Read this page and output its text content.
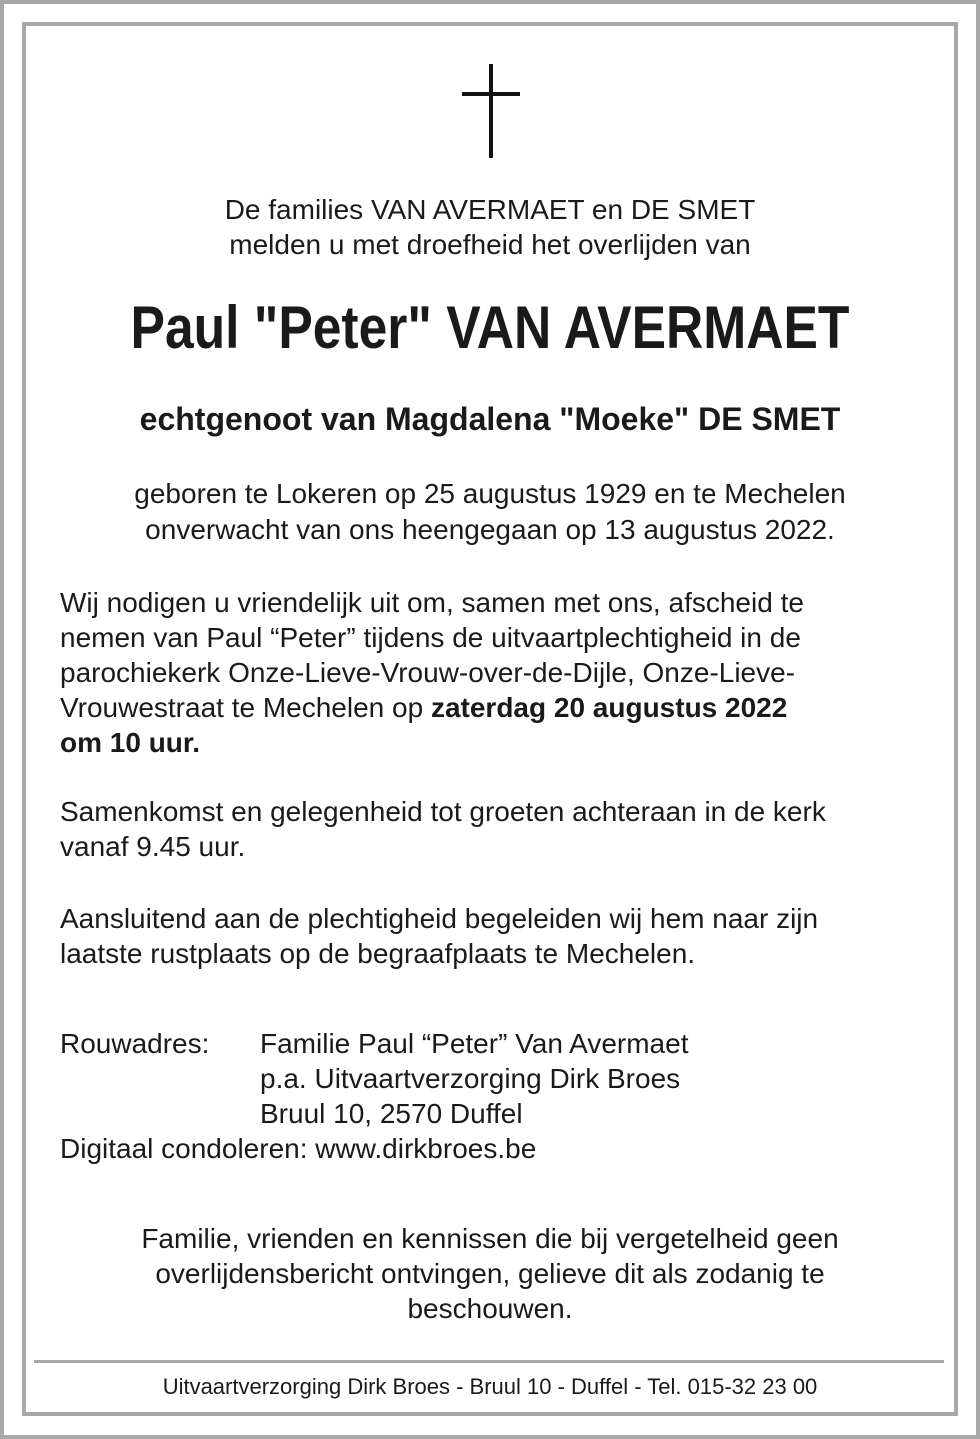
De families VAN AVERMAET en DE SMET
melden u met droefheid het overlijden van
Paul "Peter" VAN AVERMAET
echtgenoot van Magdalena "Moeke" DE SMET
geboren te Lokeren op 25 augustus 1929 en te Mechelen
onverwacht van ons heengegaan op 13 augustus 2022.
Wij nodigen u vriendelijk uit om, samen met ons, afscheid te
nemen van Paul “Peter” tijdens de uitvaartplechtigheid in de
parochiekerk Onze-Lieve-Vrouw-over-de-Dijle, Onze-Lieve-
Vrouwestraat te Mechelen op zaterdag 20 augustus 2022
om 10 uur.
Samenkomst en gelegenheid tot groeten achteraan in de kerk
vanaf 9.45 uur.
Aansluitend aan de plechtigheid begeleiden wij hem naar zijn
laatste rustplaats op de begraafplaats te Mechelen.
Rouwadres:	Familie Paul “Peter” Van Avermaet
p.a. Uitvaartverzorging Dirk Broes
Bruul 10, 2570 Duffel
Digitaal condoleren: www.dirkbroes.be
Familie, vrienden en kennissen die bij vergetelheid geen
overlijdensbericht ontvingen, gelieve dit als zodanig te
beschouwen.
Uitvaartverzorging Dirk Broes - Bruul 10 - Duffel - Tel. 015-32 23 00
